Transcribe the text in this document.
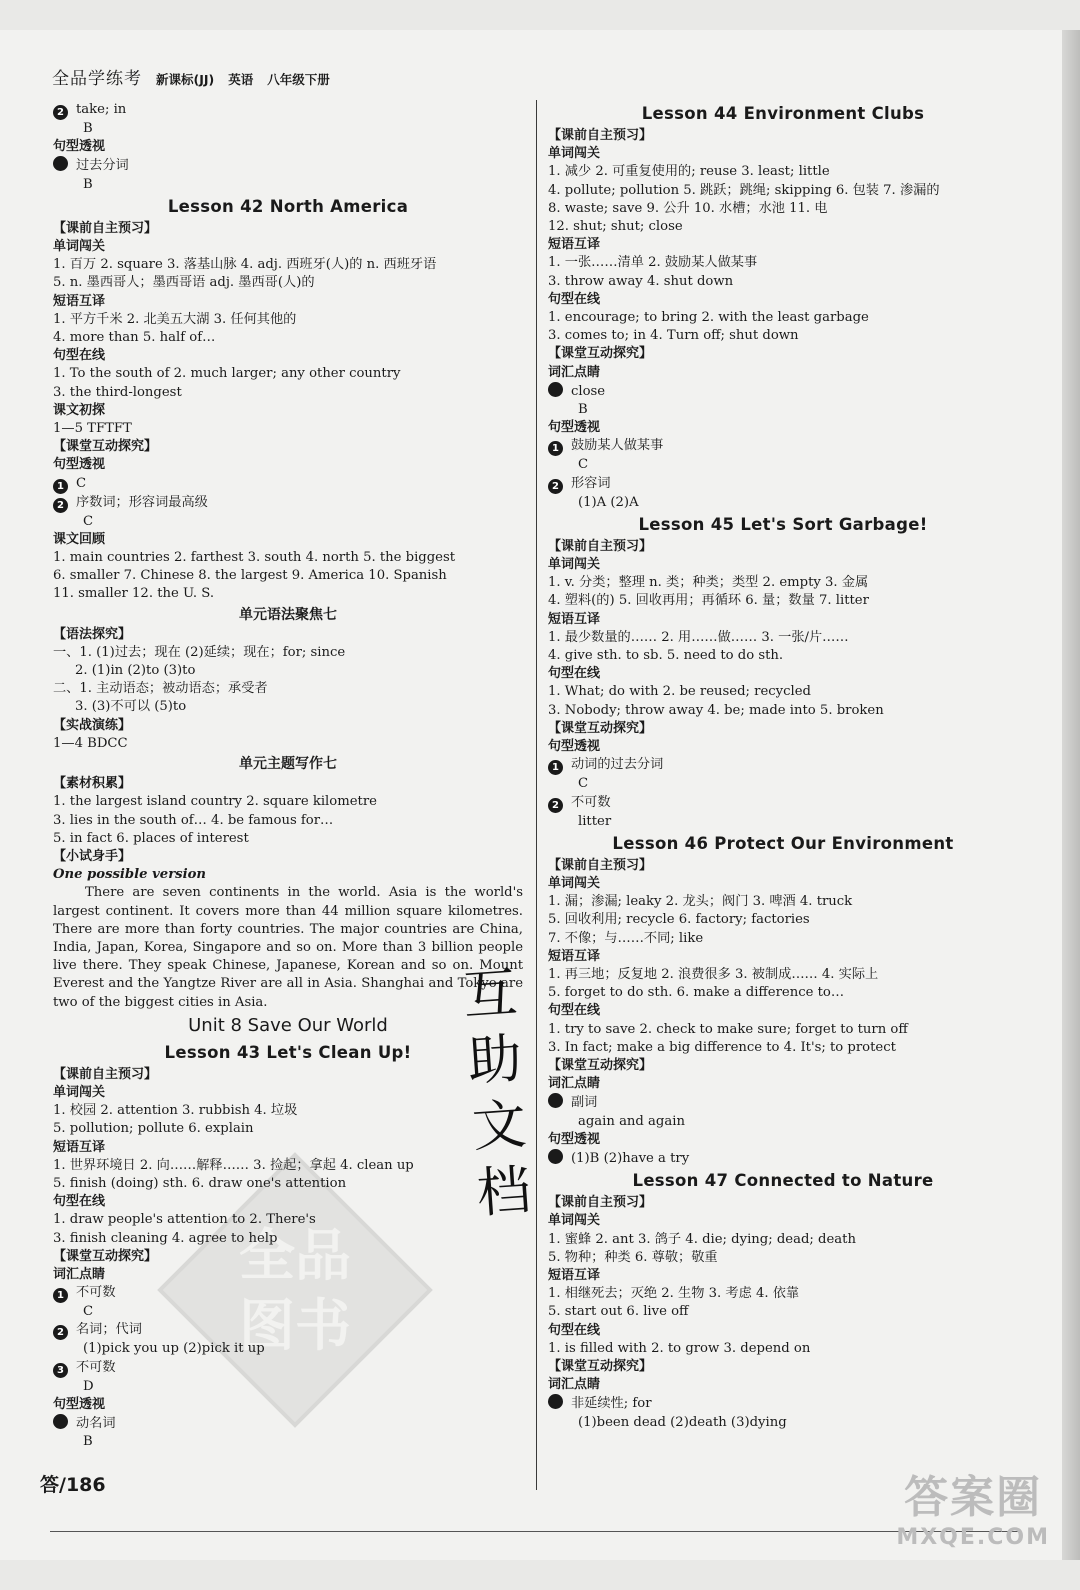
全品学练考 新课标(JJ) 英语 八年级下册
全品
图书
2 take; in
B
句型透视
过去分词
B
Lesson 42 North America
【课前自主预习】
单词闯关
1. 百万 2. square 3. 落基山脉 4. adj. 西班牙(人)的 n. 西班牙语
5. n. 墨西哥人；墨西哥语 adj. 墨西哥(人)的
短语互译
1. 平方千米 2. 北美五大湖 3. 任何其他的
4. more than 5. half of…
句型在线
1. To the south of 2. much larger; any other country
3. the third-longest
课文初探
1—5 TFTFT
【课堂互动探究】
句型透视
1 C
2 序数词；形容词最高级
C
课文回顾
1. main countries 2. farthest 3. south 4. north 5. the biggest
6. smaller 7. Chinese 8. the largest 9. America 10. Spanish
11. smaller 12. the U. S.
单元语法聚焦七
【语法探究】
一、1. (1)过去；现在 (2)延续；现在；for; since
2. (1)in (2)to (3)to
二、1. 主动语态；被动语态；承受者
3. (3)不可以 (5)to
【实战演练】
1—4 BDCC
单元主题写作七
【素材积累】
1. the largest island country 2. square kilometre
3. lies in the south of… 4. be famous for…
5. in fact 6. places of interest
【小试身手】
One possible version
There are seven continents in the world. Asia is the world's largest continent. It covers more than 44 million square kilometres. There are more than forty countries. The major countries are China, India, Japan, Korea, Singapore and so on. More than 3 billion people live there. They speak Chinese, Japanese, Korean and so on. Mount Everest and the Yangtze River are all in Asia. Shanghai and Tokyo are two of the biggest cities in Asia.
Unit 8 Save Our World
Lesson 43 Let's Clean Up!
【课前自主预习】
单词闯关
1. 校园 2. attention 3. rubbish 4. 垃圾
5. pollution; pollute 6. explain
短语互译
1. 世界环境日 2. 向……解释…… 3. 捡起；拿起 4. clean up
5. finish (doing) sth. 6. draw one's attention
句型在线
1. draw people's attention to 2. There's
3. finish cleaning 4. agree to help
【课堂互动探究】
词汇点睛
1 不可数
C
2 名词；代词
(1)pick you up (2)pick it up
3 不可数
D
句型透视
动名词
B
Lesson 44 Environment Clubs
【课前自主预习】
单词闯关
1. 减少 2. 可重复使用的; reuse 3. least; little
4. pollute; pollution 5. 跳跃；跳绳; skipping 6. 包装 7. 渗漏的
8. waste; save 9. 公升 10. 水槽；水池 11. 电
12. shut; shut; close
短语互译
1. 一张……清单 2. 鼓励某人做某事
3. throw away 4. shut down
句型在线
1. encourage; to bring 2. with the least garbage
3. comes to; in 4. Turn off; shut down
【课堂互动探究】
词汇点睛
close
B
句型透视
1 鼓励某人做某事
C
2 形容词
(1)A (2)A
Lesson 45 Let's Sort Garbage!
【课前自主预习】
单词闯关
1. v. 分类；整理 n. 类；种类；类型 2. empty 3. 金属
4. 塑料(的) 5. 回收再用；再循环 6. 量；数量 7. litter
短语互译
1. 最少数量的…… 2. 用……做…… 3. 一张/片……
4. give sth. to sb. 5. need to do sth.
句型在线
1. What; do with 2. be reused; recycled
3. Nobody; throw away 4. be; made into 5. broken
【课堂互动探究】
句型透视
1 动词的过去分词
C
2 不可数
litter
Lesson 46 Protect Our Environment
【课前自主预习】
单词闯关
1. 漏；渗漏; leaky 2. 龙头；阀门 3. 啤酒 4. truck
5. 回收利用; recycle 6. factory; factories
7. 不像；与……不同; like
短语互译
1. 再三地；反复地 2. 浪费很多 3. 被制成…… 4. 实际上
5. forget to do sth. 6. make a difference to…
句型在线
1. try to save 2. check to make sure; forget to turn off
3. In fact; make a big difference to 4. It's; to protect
【课堂互动探究】
词汇点睛
副词
again and again
句型透视
(1)B (2)have a try
Lesson 47 Connected to Nature
【课前自主预习】
单词闯关
1. 蜜蜂 2. ant 3. 鸽子 4. die; dying; dead; death
5. 物种；种类 6. 尊敬；敬重
短语互译
1. 相继死去；灭绝 2. 生物 3. 考虑 4. 依靠
5. start out 6. live off
句型在线
1. is filled with 2. to grow 3. depend on
【课堂互动探究】
词汇点睛
非延续性; for
(1)been dead (2)death (3)dying
互
助
文
档
答/186	答案圈
MXQE.COM
